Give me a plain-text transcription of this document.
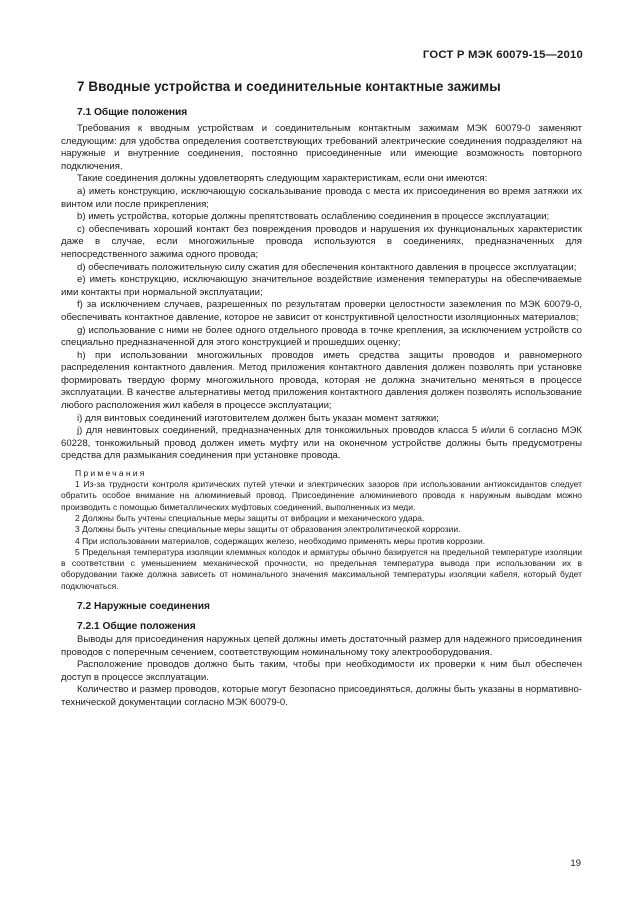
ГОСТ Р МЭК 60079-15—2010
7 Вводные устройства и соединительные контактные зажимы
7.1 Общие положения

Требования к вводным устройствам и соединительным контактным зажимам МЭК 60079-0 заменяют следующим: для удобства определения соответствующих требований электрические соединения подразделяют на наружные и внутренние соединения, постоянно присоединенные или имеющие возможность повторного подключения.

Такие соединения должны удовлетворять следующим характеристикам, если они имеются:

a) иметь конструкцию, исключающую соскальзывание провода с места их присоединения во время затяжки их винтом или после прикрепления;

b) иметь устройства, которые должны препятствовать ослаблению соединения в процессе эксплуатации;

c) обеспечивать хороший контакт без повреждения проводов и нарушения их функциональных характеристик даже в случае, если многожильные провода используются в соединениях, предназначенных для непосредственного зажима одного провода;

d) обеспечивать положительную силу сжатия для обеспечения контактного давления в процессе эксплуатации;

e) иметь конструкцию, исключающую значительное воздействие изменения температуры на обеспечиваемые ими контакты при нормальной эксплуатации;

f) за исключением случаев, разрешенных по результатам проверки целостности заземления по МЭК 60079-0, обеспечивать контактное давление, которое не зависит от конструктивной целостности изоляционных материалов;

g) использование с ними не более одного отдельного провода в точке крепления, за исключением устройств со специально предназначенной для этого конструкцией и прошедших оценку;

h) при использовании многожильных проводов иметь средства защиты проводов и равномерного распределения контактного давления. Метод приложения контактного давления должен позволять при установке формировать твердую форму многожильного провода, которая не должна значительно меняться в процессе эксплуатации. В качестве альтернативы метод приложения контактного давления должен позволять использование любого расположения жил кабеля в процессе эксплуатации;

i) для винтовых соединений изготовителем должен быть указан момент затяжки;

j) для невинтовых соединений, предназначенных для тонкожильных проводов класса 5 и/или 6 согласно МЭК 60228, тонкожильный провод должен иметь муфту или на оконечном устройстве должны быть предусмотрены средства для размыкания соединения при установке провода.

Примечания

1 Из-за трудности контроля критических путей утечки и электрических зазоров при использовании антиоксидантов следует обратить особое внимание на алюминиевый провод. Присоединение алюминиевого провода к наружным выводам можно производить с помощью биметаллических муфтовых соединений, выполненных из меди.

2 Должны быть учтены специальные меры защиты от вибрации и механического удара.

3 Должны быть учтены специальные меры защиты от образования электролитической коррозии.

4 При использовании материалов, содержащих железо, необходимо применять меры против коррозии.

5 Предельная температура изоляции клеммных колодок и арматуры обычно базируется на предельной температуре изоляции в соответствии с уменьшением механической прочности, но предельная температура вывода при использовании их в оборудовании также должна зависеть от номинального значения максимальной температуры изоляции кабеля, который будет подключаться.

7.2 Наружные соединения
7.2.1 Общие положения

Выводы для присоединения наружных цепей должны иметь достаточный размер для надежного присоединения проводов с поперечным сечением, соответствующим номинальному току электрооборудования.

Расположение проводов должно быть таким, чтобы при необходимости их проверки к ним был обеспечен доступ в процессе эксплуатации.

Количество и размер проводов, которые могут безопасно присоединяться, должны быть указаны в нормативно-технической документации согласно МЭК 60079-0.

19
